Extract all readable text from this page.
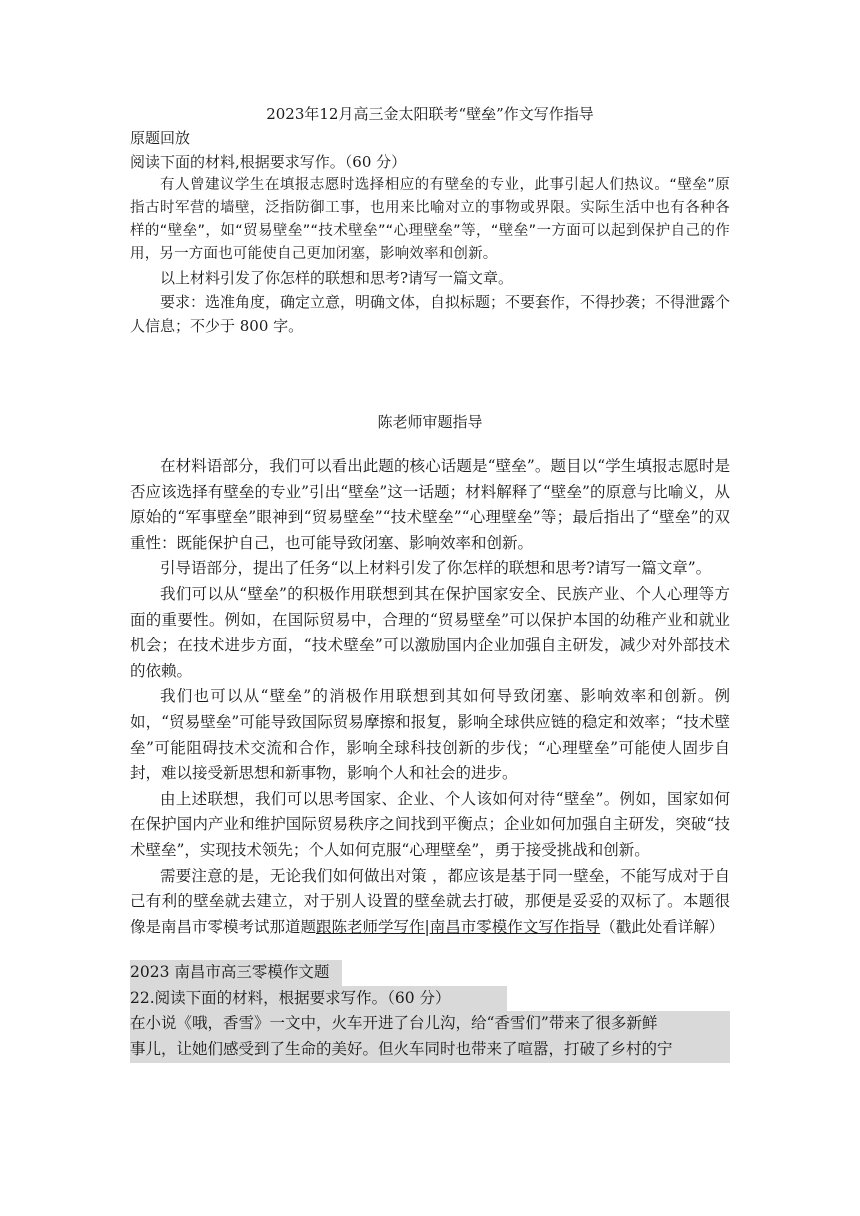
2023年12月高三金太阳联考“壁垒”作文写作指导

原题回放

阅读下面的材料,根据要求写作。（60 分）

有人曾建议学生在填报志愿时选择相应的有壁垒的专业，此事引起人们热议。“壁垒”原指古时军营的墙壁，泛指防御工事，也用来比喻对立的事物或界限。实际生活中也有各种各样的“壁垒”，如“贸易壁垒”“技术壁垒”“心理壁垒”等，“壁垒”一方面可以起到保护自己的作用，另一方面也可能使自己更加闭塞，影响效率和创新。

以上材料引发了你怎样的联想和思考?请写一篇文章。

要求：选准角度，确定立意，明确文体，自拟标题；不要套作，不得抄袭；不得泄露个人信息；不少于 800 字。

陈老师审题指导

在材料语部分，我们可以看出此题的核心话题是“壁垒”。题目以“学生填报志愿时是否应该选择有壁垒的专业”引出“壁垒”这一话题；材料解释了“壁垒”的原意与比喻义，从原始的“军事壁垒”眼神到“贸易壁垒”“技术壁垒”“心理壁垒”等；最后指出了“壁垒”的双重性：既能保护自己，也可能导致闭塞、影响效率和创新。

引导语部分，提出了任务“以上材料引发了你怎样的联想和思考?请写一篇文章”。

我们可以从“壁垒”的积极作用联想到其在保护国家安全、民族产业、个人心理等方面的重要性。例如，在国际贸易中，合理的“贸易壁垒”可以保护本国的幼稚产业和就业机会；在技术进步方面，“技术壁垒”可以激励国内企业加强自主研发，减少对外部技术的依赖。

我们也可以从“壁垒”的消极作用联想到其如何导致闭塞、影响效率和创新。例如，“贸易壁垒”可能导致国际贸易摩擦和报复，影响全球供应链的稳定和效率；“技术壁垒”可能阻碍技术交流和合作，影响全球科技创新的步伐；“心理壁垒”可能使人固步自封，难以接受新思想和新事物，影响个人和社会的进步。

由上述联想，我们可以思考国家、企业、个人该如何对待“壁垒”。例如，国家如何在保护国内产业和维护国际贸易秩序之间找到平衡点；企业如何加强自主研发，突破“技术壁垒”，实现技术领先；个人如何克服“心理壁垒”，勇于接受挑战和创新。

需要注意的是，无论我们如何做出对策 ，都应该是基于同一壁垒，不能写成对于自己有利的壁垒就去建立，对于别人设置的壁垒就去打破，那便是妥妥的双标了。本题很像是南昌市零模考试那道题跟陈老师学写作|南昌市零模作文写作指导（戳此处看详解）

2023 南昌市高三零模作文题

22.阅读下面的材料，根据要求写作。（60 分）

在小说《哦，香雪》一文中，火车开进了台儿沟，给“香雪们”带来了很多新鲜

事儿，让她们感受到了生命的美好。但火车同时也带来了喧嚣，打破了乡村的宁
